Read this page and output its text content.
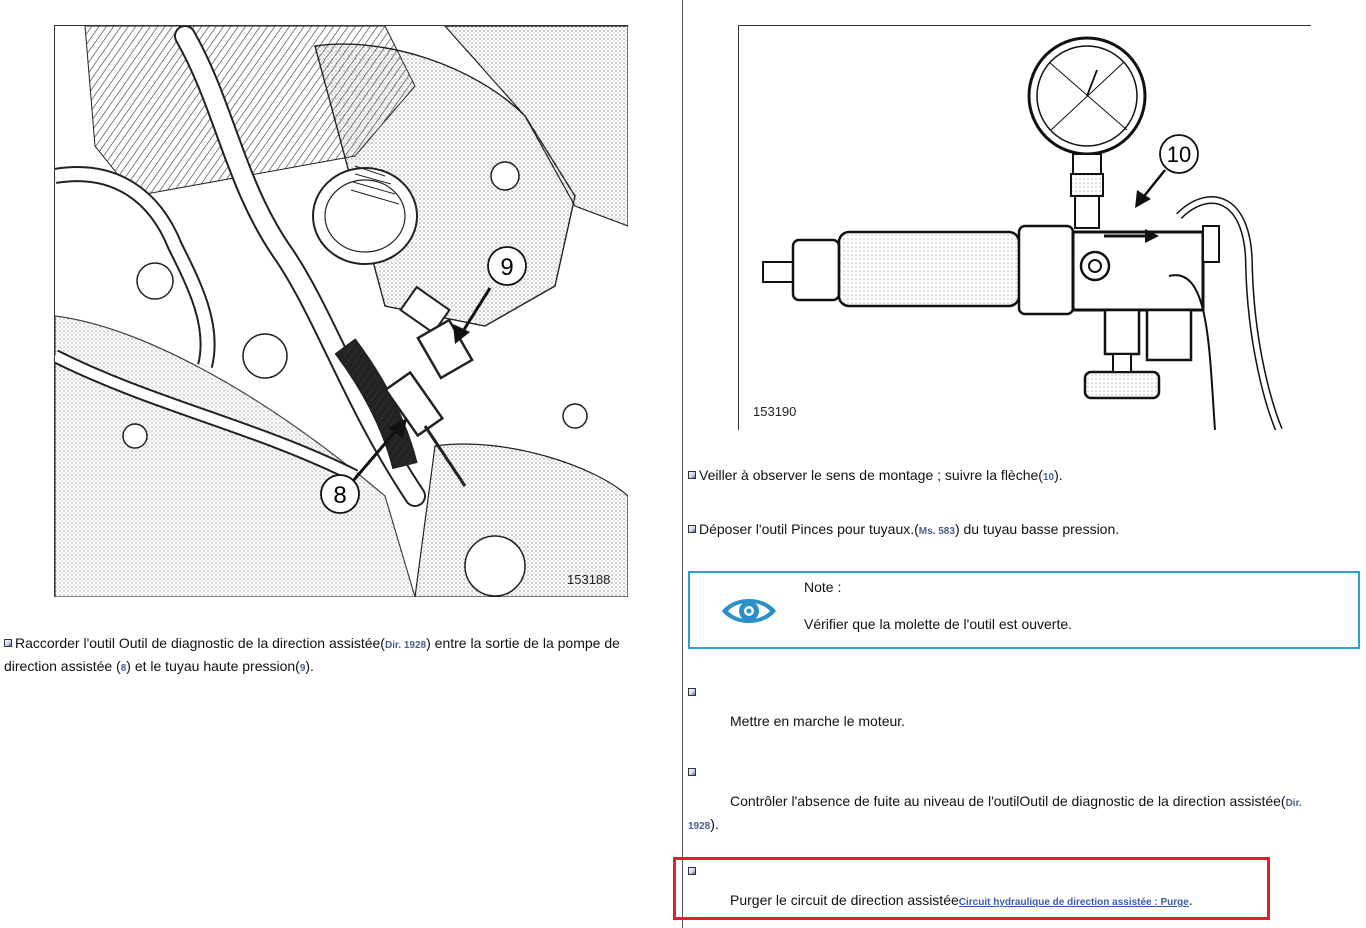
9
8
153188
10
153190
Raccorder l'outil Outil de diagnostic de la direction assistée(Dir. 1928) entre la sortie de la pompe de direction assistée (8) et le tuyau haute pression(9).
Veiller à observer le sens de montage ; suivre la flèche(10).
Déposer l'outil Pinces pour tuyaux.(Ms. 583) du tuyau basse pression.
Note :
Vérifier que la molette de l'outil est ouverte.
Mettre en marche le moteur.
Contrôler l'absence de fuite au niveau de l'outilOutil de diagnostic de la direction assistée(Dir. 1928).
Purger le circuit de direction assistéeCircuit hydraulique de direction assistée : Purge.
